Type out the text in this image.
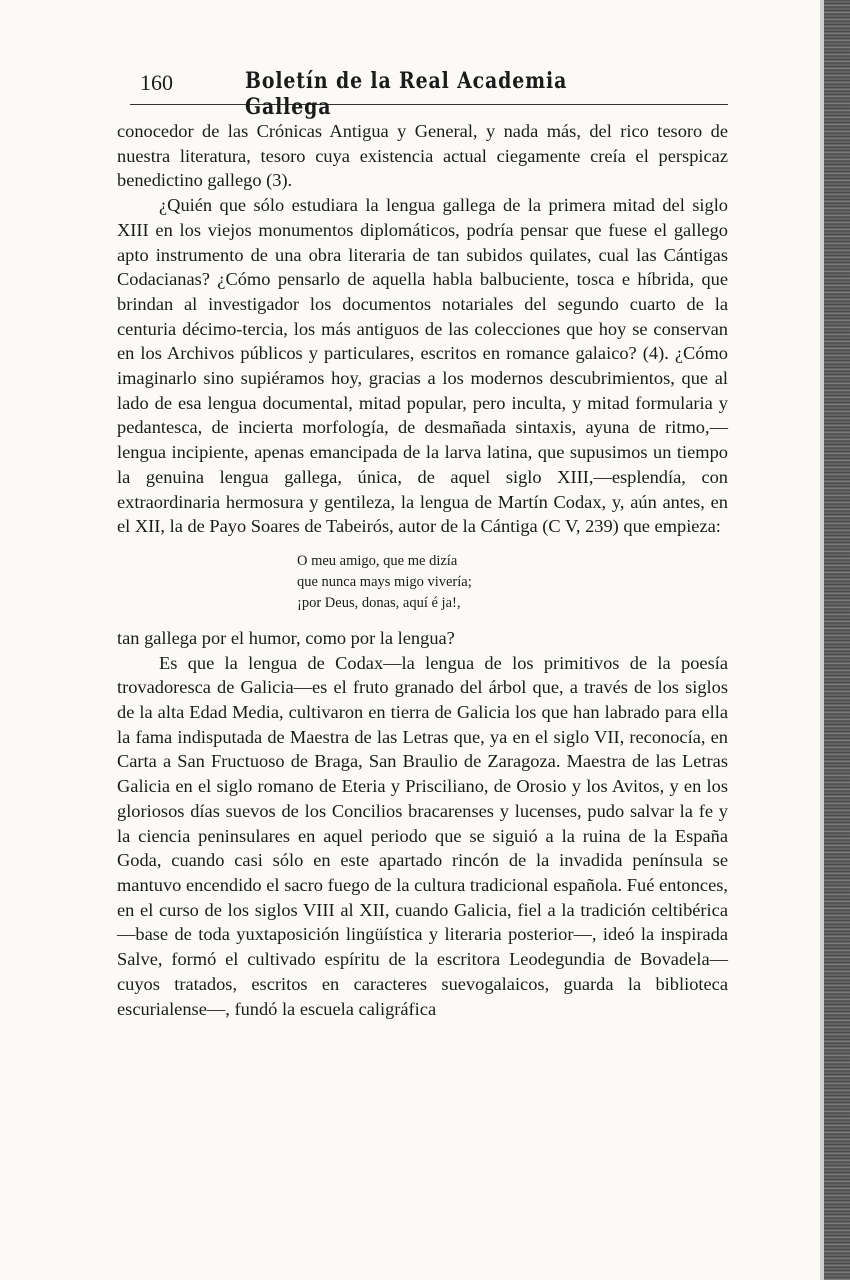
160	Boletín de la Real Academia Gallega

conocedor de las Crónicas Antigua y General, y nada más, del rico tesoro de nuestra literatura, tesoro cuya existencia actual ciegamente creía el perspicaz benedictino gallego (3).

¿Quién que sólo estudiara la lengua gallega de la primera mitad del siglo XIII en los viejos monumentos diplomáticos, podría pensar que fuese el gallego apto instrumento de una obra literaria de tan subidos quilates, cual las Cántigas Codacianas? ¿Cómo pensarlo de aquella habla balbuciente, tosca e híbrida, que brindan al investigador los documentos notariales del segundo cuarto de la centuria décimo-tercia, los más antiguos de las colecciones que hoy se conservan en los Archivos públicos y particulares, escritos en romance galaico? (4). ¿Cómo imaginarlo sino supiéramos hoy, gracias a los modernos descubrimientos, que al lado de esa lengua documental, mitad popular, pero inculta, y mitad formularia y pedantesca, de incierta morfología, de desmañada sintaxis, ayuna de ritmo,—lengua incipiente, apenas emancipada de la larva latina, que supusimos un tiempo la genuina lengua gallega, única, de aquel siglo XIII,—esplendía, con extraordinaria hermosura y gentileza, la lengua de Martín Codax, y, aún antes, en el XII, la de Payo Soares de Tabeirós, autor de la Cántiga (C V, 239) que empieza:

O meu amigo, que me dizía
que nunca mays migo vivería;
¡por Deus, donas, aquí é ja!,

tan gallega por el humor, como por la lengua?

Es que la lengua de Codax—la lengua de los primitivos de la poesía trovadoresca de Galicia—es el fruto granado del árbol que, a través de los siglos de la alta Edad Media, cultivaron en tierra de Galicia los que han labrado para ella la fama indisputada de Maestra de las Letras que, ya en el siglo VII, reconocía, en Carta a San Fructuoso de Braga, San Braulio de Zaragoza. Maestra de las Letras Galicia en el siglo romano de Eteria y Prisciliano, de Orosio y los Avitos, y en los gloriosos días suevos de los Concilios bracarenses y lucenses, pudo salvar la fe y la ciencia peninsulares en aquel periodo que se siguió a la ruina de la España Goda, cuando casi sólo en este apartado rincón de la invadida península se mantuvo encendido el sacro fuego de la cultura tradicional española. Fué entonces, en el curso de los siglos VIII al XII, cuando Galicia, fiel a la tradición celtibérica—base de toda yuxtaposición lingüística y literaria posterior—, ideó la inspirada Salve, formó el cultivado espíritu de la escritora Leodegundia de Bovadela—cuyos tratados, escritos en caracteres suevogalaicos, guarda la biblioteca escurialense—, fundó la escuela caligráfica
